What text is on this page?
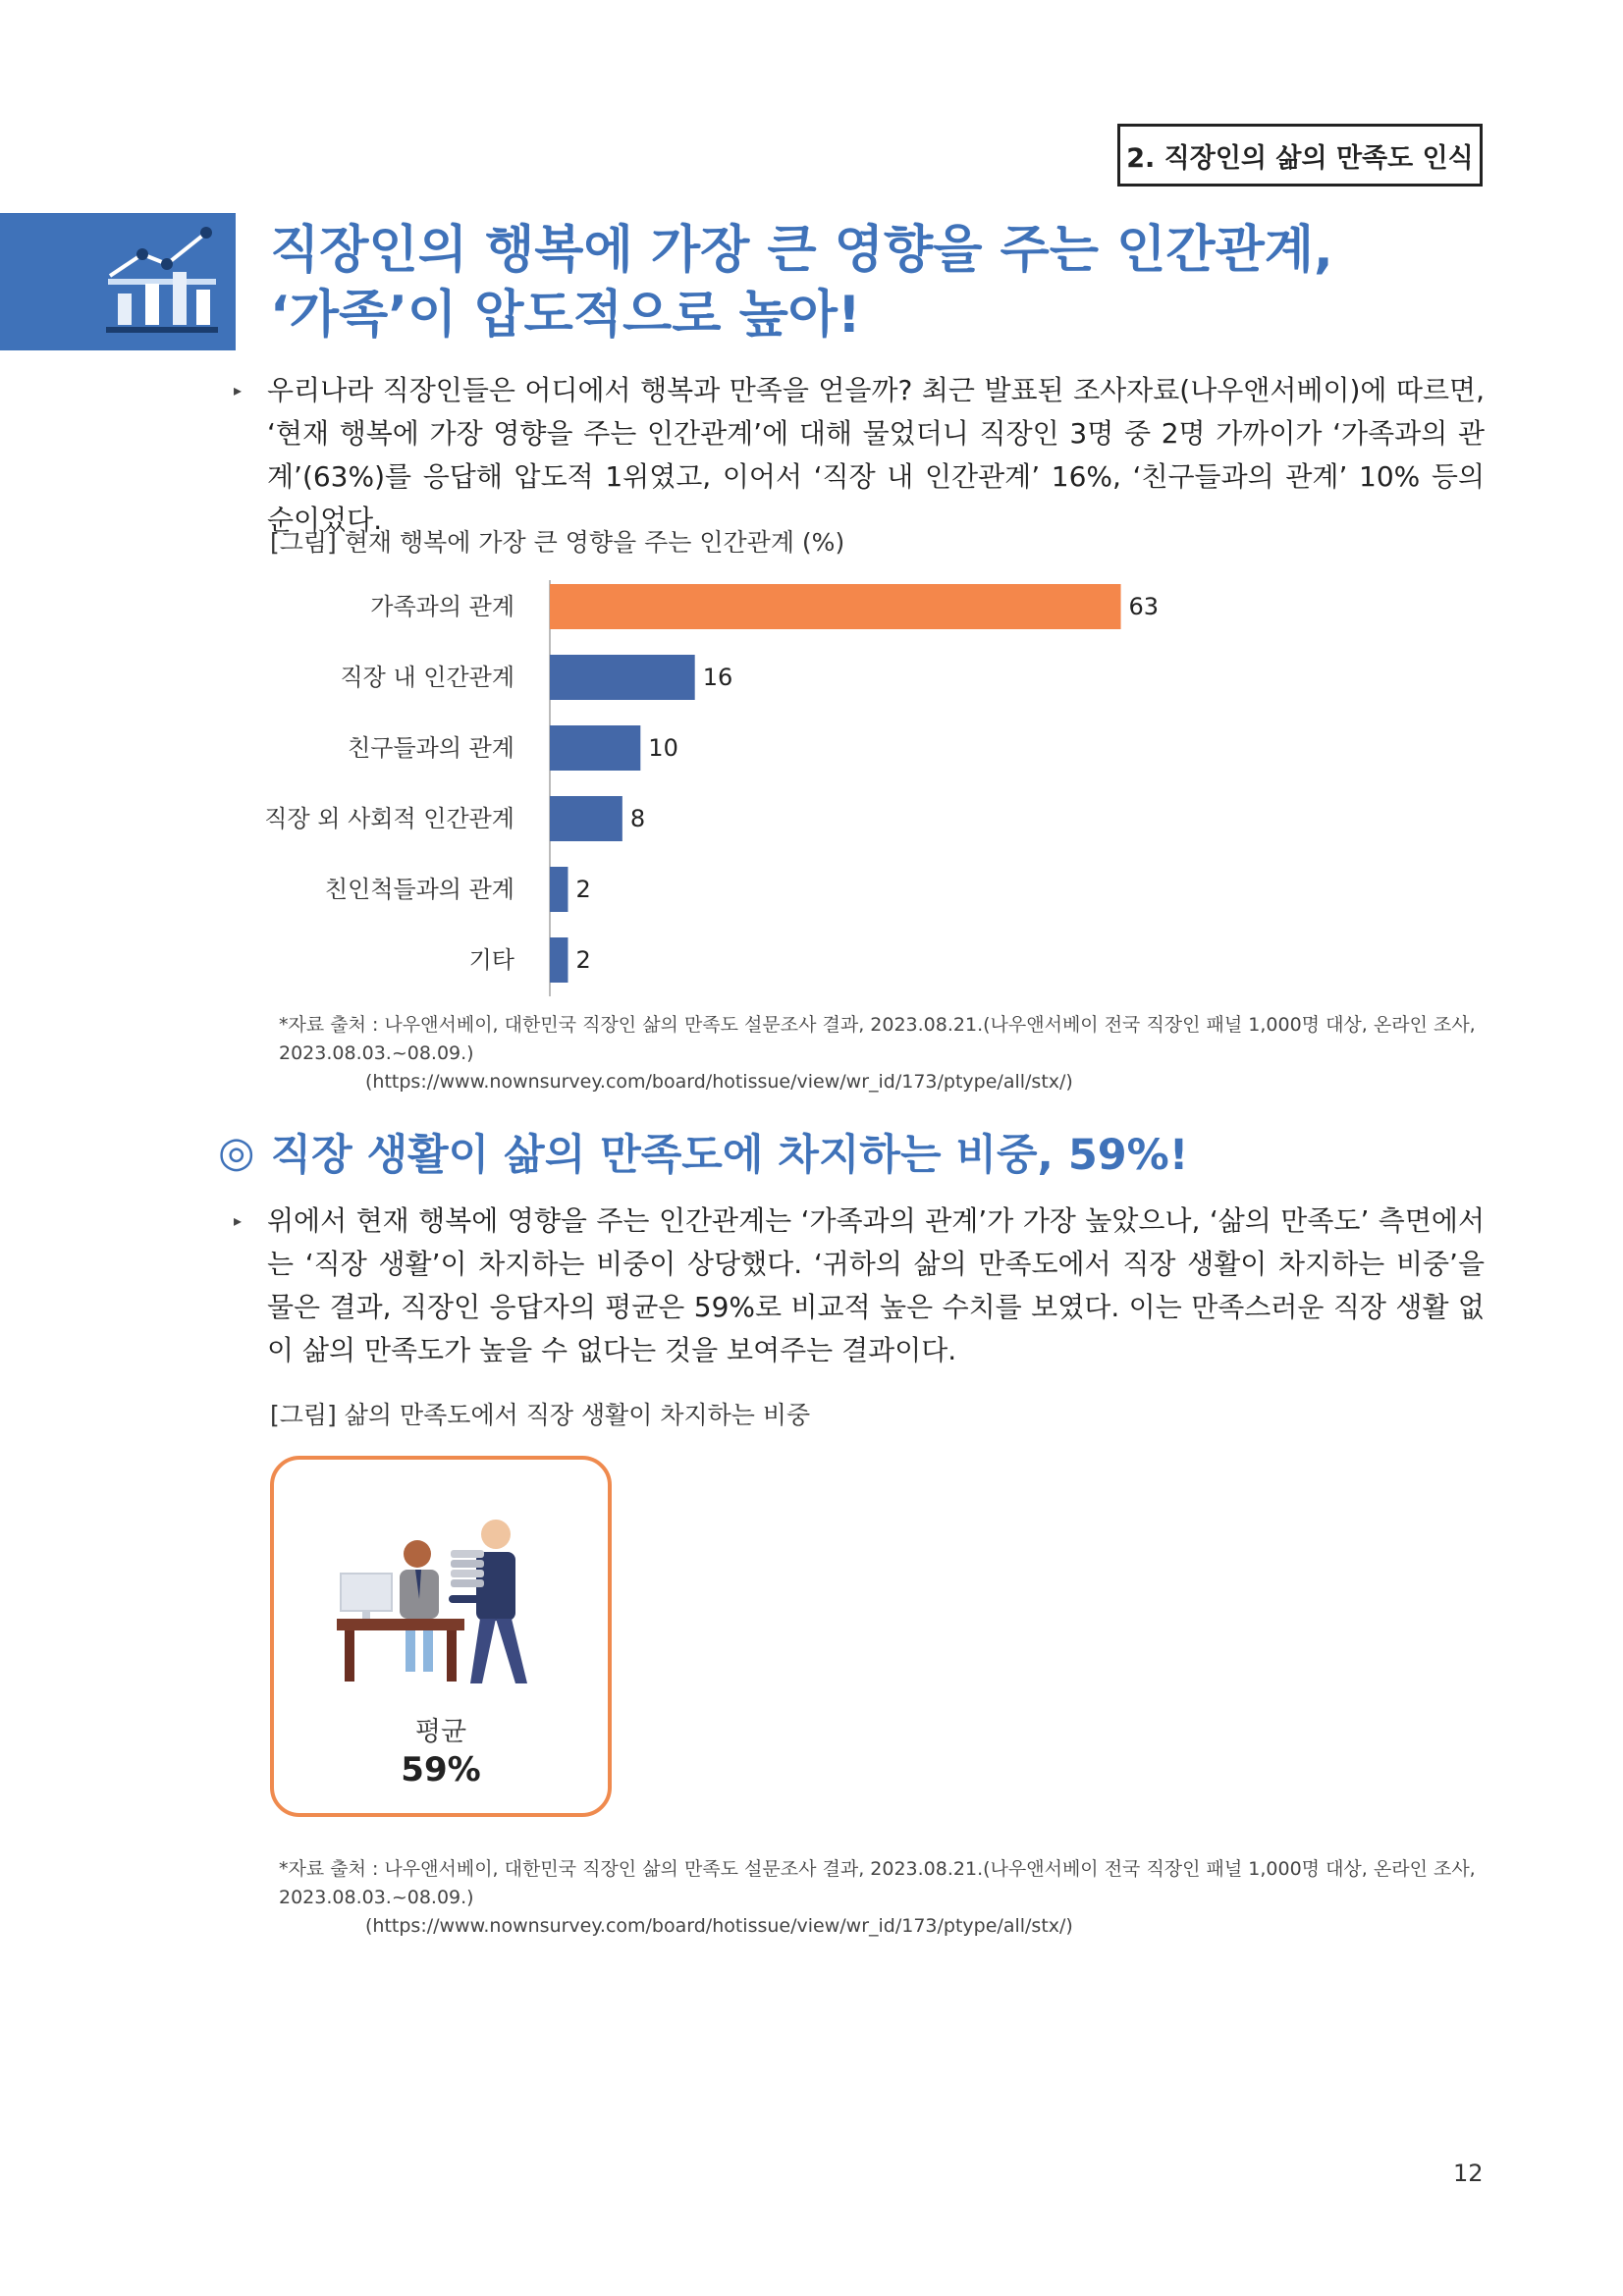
2. 직장인의 삶의 만족도 인식
직장인의 행복에 가장 큰 영향을 주는 인간관계,
‘가족’이 압도적으로 높아!
▸ 우리나라 직장인들은 어디에서 행복과 만족을 얻을까? 최근 발표된 조사자료(나우앤서베이)에 따르면, ‘현재 행복에 가장 영향을 주는 인간관계’에 대해 물었더니 직장인 3명 중 2명 가까이가 ‘가족과의 관계’(63%)를 응답해 압도적 1위였고, 이어서 ‘직장 내 인간관계’ 16%, ‘친구들과의 관계’ 10% 등의 순이었다.
[그림] 현재 행복에 가장 큰 영향을 주는 인간관계 (%)
가족과의 관계	63
직장 내 인간관계	16
친구들과의 관계	10
직장 외 사회적 인간관계	8
친인척들과의 관계	2
기타	2
*자료 출처 : 나우앤서베이, 대한민국 직장인 삶의 만족도 설문조사 결과, 2023.08.21.(나우앤서베이 전국 직장인 패널 1,000명 대상, 온라인 조사, 2023.08.03.~08.09.)
(https://www.nownsurvey.com/board/hotissue/view/wr_id/173/ptype/all/stx/)
◎ 직장 생활이 삶의 만족도에 차지하는 비중, 59%!
▸ 위에서 현재 행복에 영향을 주는 인간관계는 ‘가족과의 관계’가 가장 높았으나, ‘삶의 만족도’ 측면에서는 ‘직장 생활’이 차지하는 비중이 상당했다. ‘귀하의 삶의 만족도에서 직장 생활이 차지하는 비중’을 물은 결과, 직장인 응답자의 평균은 59%로 비교적 높은 수치를 보였다. 이는 만족스러운 직장 생활 없이 삶의 만족도가 높을 수 없다는 것을 보여주는 결과이다.
[그림] 삶의 만족도에서 직장 생활이 차지하는 비중
평균
59%
*자료 출처 : 나우앤서베이, 대한민국 직장인 삶의 만족도 설문조사 결과, 2023.08.21.(나우앤서베이 전국 직장인 패널 1,000명 대상, 온라인 조사, 2023.08.03.~08.09.)
(https://www.nownsurvey.com/board/hotissue/view/wr_id/173/ptype/all/stx/)
12
